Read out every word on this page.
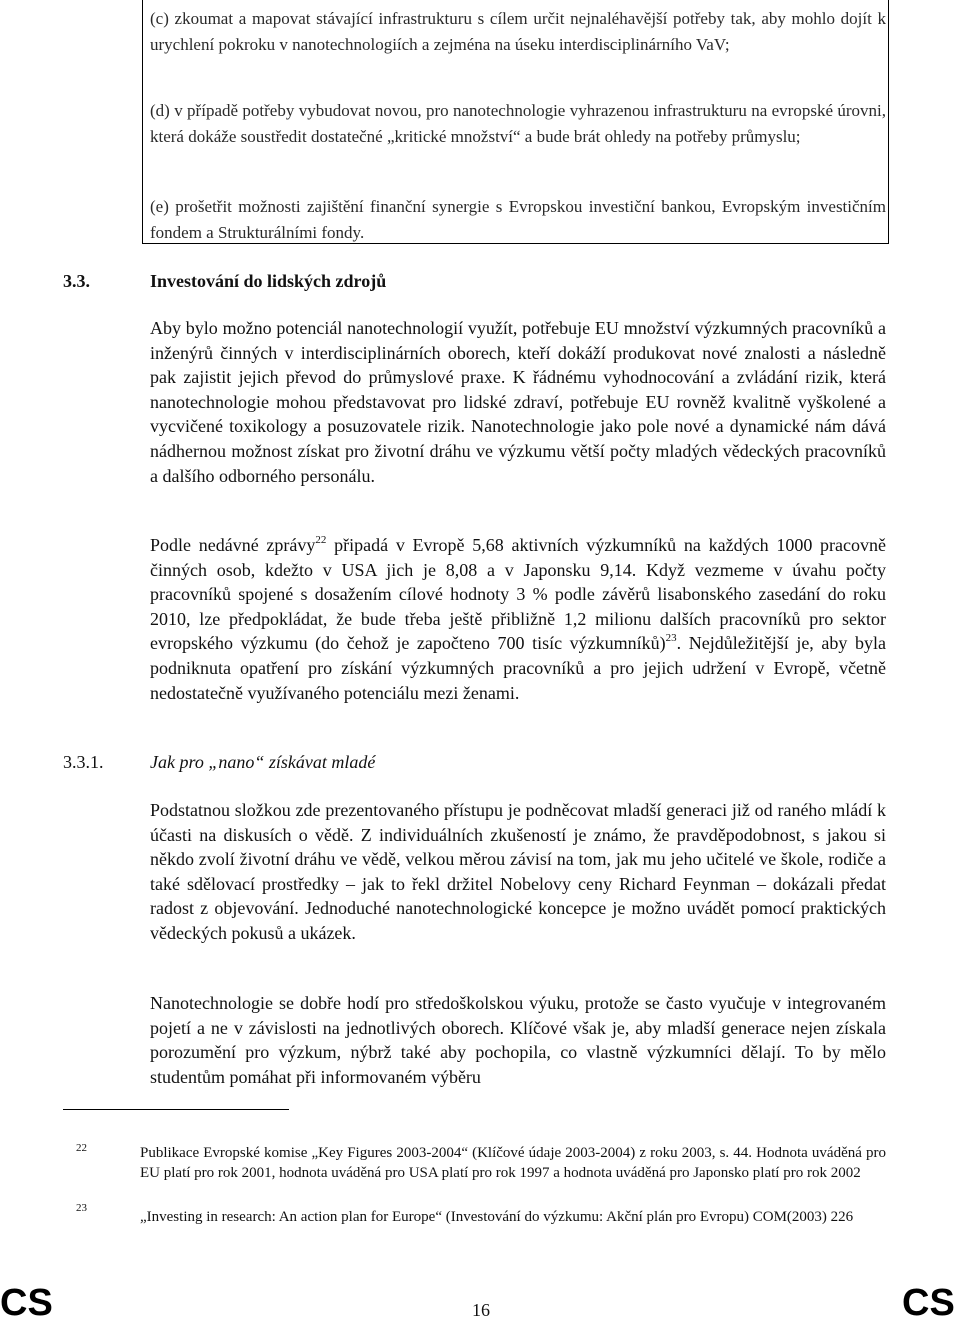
(c) zkoumat a mapovat stávající infrastrukturu s cílem určit nejnaléhavější potřeby tak, aby mohlo dojít k urychlení pokroku v nanotechnologiích a zejména na úseku interdisciplinárního VaV;

(d) v případě potřeby vybudovat novou, pro nanotechnologie vyhrazenou infrastrukturu na evropské úrovni, která dokáže soustředit dostatečné „kritické množství“ a bude brát ohledy na potřeby průmyslu;

(e) prošetřit možnosti zajištění finanční synergie s Evropskou investiční bankou, Evropským investičním fondem a Strukturálními fondy.

3.3.	Investování do lidských zdrojů

Aby bylo možno potenciál nanotechnologií využít, potřebuje EU množství výzkumných pracovníků a inženýrů činných v interdisciplinárních oborech, kteří dokáží produkovat nové znalosti a následně pak zajistit jejich převod do průmyslové praxe. K řádnému vyhodnocování a zvládání rizik, která nanotechnologie mohou představovat pro lidské zdraví, potřebuje EU rovněž kvalitně vyškolené a vycvičené toxikology a posuzovatele rizik. Nanotechnologie jako pole nové a dynamické nám dává nádhernou možnost získat pro životní dráhu ve výzkumu větší počty mladých vědeckých pracovníků a dalšího odborného personálu.

Podle nedávné zprávy$^{22}$ připadá v Evropě 5,68 aktivních výzkumníků na každých 1000 pracovně činných osob, kdežto v USA jich je 8,08 a v Japonsku 9,14. Když vezmeme v úvahu počty pracovníků spojené s dosažením cílové hodnoty 3 % podle závěrů lisabonského zasedání do roku 2010, lze předpokládat, že bude třeba ještě přibližně 1,2 milionu dalších pracovníků pro sektor evropského výzkumu (do čehož je započteno 700 tisíc výzkumníků)$^{23}$. Nejdůležitější je, aby byla podniknuta opatření pro získání výzkumných pracovníků a pro jejich udržení v Evropě, včetně nedostatečně využívaného potenciálu mezi ženami.

3.3.1.	Jak pro „nano“ získávat mladé

Podstatnou složkou zde prezentovaného přístupu je podněcovat mladší generaci již od raného mládí k účasti na diskusích o vědě. Z individuálních zkušeností je známo, že pravděpodobnost, s jakou si někdo zvolí životní dráhu ve vědě, velkou měrou závisí na tom, jak mu jeho učitelé ve škole, rodiče a také sdělovací prostředky – jak to řekl držitel Nobelovy ceny Richard Feynman – dokázali předat radost z objevování. Jednoduché nanotechnologické koncepce je možno uvádět pomocí praktických vědeckých pokusů a ukázek.

Nanotechnologie se dobře hodí pro středoškolskou výuku, protože se často vyučuje v integrovaném pojetí a ne v závislosti na jednotlivých oborech. Klíčové však je, aby mladší generace nejen získala porozumění pro výzkum, nýbrž také aby pochopila, co vlastně výzkumníci dělají. To by mělo studentům pomáhat při informovaném výběru

22	Publikace Evropské komise „Key Figures 2003-2004“ (Klíčové údaje 2003-2004) z roku 2003, s. 44. Hodnota uváděná pro EU platí pro rok 2001, hodnota uváděná pro USA platí pro rok 1997 a hodnota uváděná pro Japonsko platí pro rok 2002

23

„Investing in research: An action plan for Europe“ (Investování do výzkumu: Akční plán pro Evropu) COM(2003) 226

CS	16	CS
